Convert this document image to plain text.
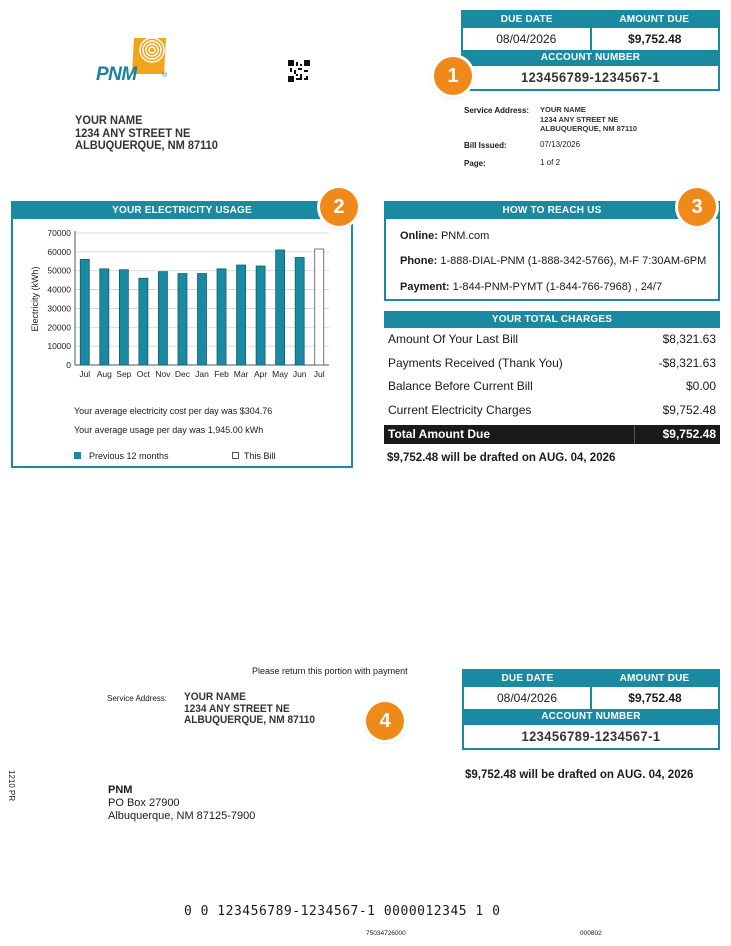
PNM	®
YOUR NAME
1234 ANY STREET NE
ALBUQUERQUE, NM 87110
DUE DATE	AMOUNT DUE
08/04/2026	$9,752.48
ACCOUNT NUMBER
123456789-1234567-1
1
Service Address: YOUR NAME
1234 ANY STREET NE
ALBUQUERQUE, NM 87110
Bill Issued:	07/13/2026
Page:	1 of 2
YOUR ELECTRICITY USAGE
0
10000
20000
30000
40000
50000
60000
70000
Electricity (kWh)
Jul Aug Sep Oct Nov Dec Jan Feb Mar Apr May Jun Jul
Your average electricity cost per day was $304.76
Your average usage per day was 1,945.00 kWh
Previous 12 months	This Bill
2	HOW TO REACH US
Online: PNM.com
Phone: 1-888-DIAL-PNM (1-888-342-5766), M-F 7:30AM-6PM
Payment: 1-844-PNM-PYMT (1-844-766-7968) , 24/7
3
YOUR TOTAL CHARGES
Amount Of Your Last Bill	$8,321.63
Payments Received (Thank You)	-$8,321.63
Balance Before Current Bill	$0.00
Current Electricity Charges	$9,752.48
Total Amount Due	$9,752.48
$9,752.48 will be drafted on AUG. 04, 2026
Please return this portion with payment
Service Address: YOUR NAME
1234 ANY STREET NE
ALBUQUERQUE, NM 87110	4
DUE DATE	AMOUNT DUE
08/04/2026	$9,752.48
ACCOUNT NUMBER
123456789-1234567-1
$9,752.48 will be drafted on AUG. 04, 2026
1210 PR	PNM
PO Box 27900
Albuquerque, NM 87125-7900
0 0 123456789-1234567-1 0000012345 1 0
75034726000	000802
